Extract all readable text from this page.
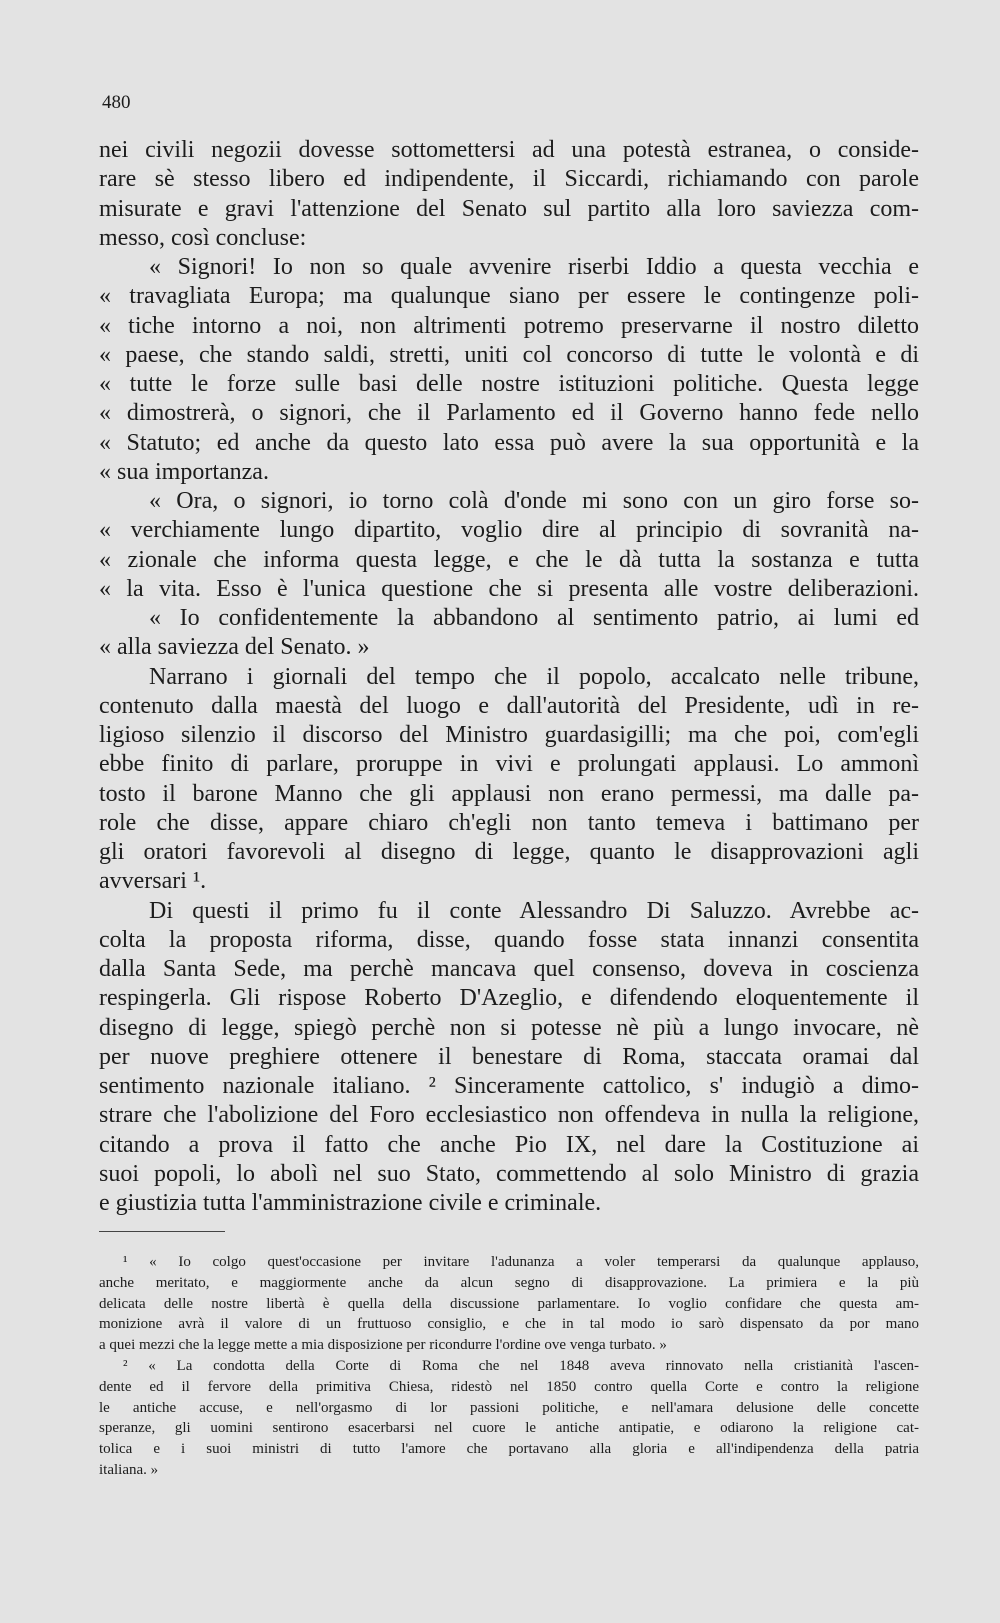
480
nei civili negozii dovesse sottomettersi ad una potestà estranea, o conside-
rare sè stesso libero ed indipendente, il Siccardi, richiamando con parole
misurate e gravi l'attenzione del Senato sul partito alla loro saviezza com-
messo, così concluse:
« Signori! Io non so quale avvenire riserbi Iddio a questa vecchia e
« travagliata Europa; ma qualunque siano per essere le contingenze poli-
« tiche intorno a noi, non altrimenti potremo preservarne il nostro diletto
« paese, che stando saldi, stretti, uniti col concorso di tutte le volontà e di
« tutte le forze sulle basi delle nostre istituzioni politiche. Questa legge
« dimostrerà, o signori, che il Parlamento ed il Governo hanno fede nello
« Statuto; ed anche da questo lato essa può avere la sua opportunità e la
« sua importanza.
« Ora, o signori, io torno colà d'onde mi sono con un giro forse so-
« verchiamente lungo dipartito, voglio dire al principio di sovranità na-
« zionale che informa questa legge, e che le dà tutta la sostanza e tutta
« la vita. Esso è l'unica questione che si presenta alle vostre deliberazioni.
« Io confidentemente la abbandono al sentimento patrio, ai lumi ed
« alla saviezza del Senato. »
Narrano i giornali del tempo che il popolo, accalcato nelle tribune,
contenuto dalla maestà del luogo e dall'autorità del Presidente, udì in re-
ligioso silenzio il discorso del Ministro guardasigilli; ma che poi, com'egli
ebbe finito di parlare, proruppe in vivi e prolungati applausi. Lo ammonì
tosto il barone Manno che gli applausi non erano permessi, ma dalle pa-
role che disse, appare chiaro ch'egli non tanto temeva i battimano per
gli oratori favorevoli al disegno di legge, quanto le disapprovazioni agli
avversari ¹.
Di questi il primo fu il conte Alessandro Di Saluzzo. Avrebbe ac-
colta la proposta riforma, disse, quando fosse stata innanzi consentita
dalla Santa Sede, ma perchè mancava quel consenso, doveva in coscienza
respingerla. Gli rispose Roberto D'Azeglio, e difendendo eloquentemente il
disegno di legge, spiegò perchè non si potesse nè più a lungo invocare, nè
per nuove preghiere ottenere il benestare di Roma, staccata oramai dal
sentimento nazionale italiano. ² Sinceramente cattolico, s' indugiò a dimo-
strare che l'abolizione del Foro ecclesiastico non offendeva in nulla la religione,
citando a prova il fatto che anche Pio IX, nel dare la Costituzione ai
suoi popoli, lo abolì nel suo Stato, commettendo al solo Ministro di grazia
e giustizia tutta l'amministrazione civile e criminale.
¹ « Io colgo quest'occasione per invitare l'adunanza a voler temperarsi da qualunque applauso,
anche meritato, e maggiormente anche da alcun segno di disapprovazione. La primiera e la più
delicata delle nostre libertà è quella della discussione parlamentare. Io voglio confidare che questa am-
monizione avrà il valore di un fruttuoso consiglio, e che in tal modo io sarò dispensato da por mano
a quei mezzi che la legge mette a mia disposizione per ricondurre l'ordine ove venga turbato. »
² « La condotta della Corte di Roma che nel 1848 aveva rinnovato nella cristianità l'ascen-
dente ed il fervore della primitiva Chiesa, ridestò nel 1850 contro quella Corte e contro la religione
le antiche accuse, e nell'orgasmo di lor passioni politiche, e nell'amara delusione delle concette
speranze, gli uomini sentirono esacerbarsi nel cuore le antiche antipatie, e odiarono la religione cat-
tolica e i suoi ministri di tutto l'amore che portavano alla gloria e all'indipendenza della patria
italiana. »
